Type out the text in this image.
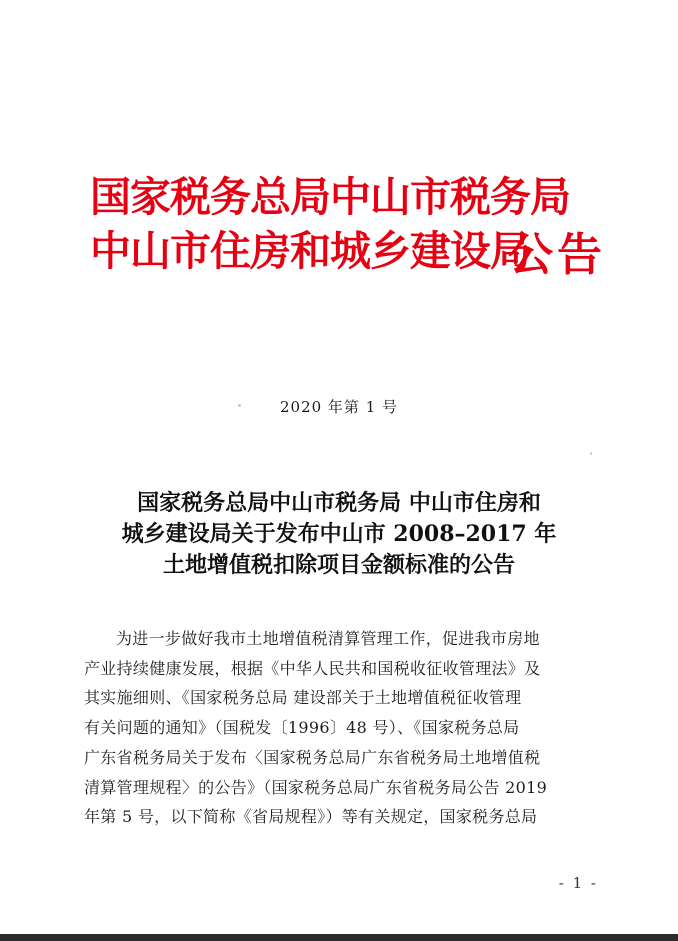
国家税务总局中山市税务局
中山市住房和城乡建设局
公告
2020 年第 1 号
国家税务总局中山市税务局 中山市住房和
城乡建设局关于发布中山市 2008–2017 年
土地增值税扣除项目金额标准的公告
为进一步做好我市土地增值税清算管理工作，促进我市房地
产业持续健康发展，根据《中华人民共和国税收征收管理法》及
其实施细则、《国家税务总局 建设部关于土地增值税征收管理
有关问题的通知》（国税发〔1996〕48 号）、《国家税务总局
广东省税务局关于发布〈国家税务总局广东省税务局土地增值税
清算管理规程〉的公告》（国家税务总局广东省税务局公告 2019
年第 5 号，以下简称《省局规程》）等有关规定，国家税务总局
- 1 -
